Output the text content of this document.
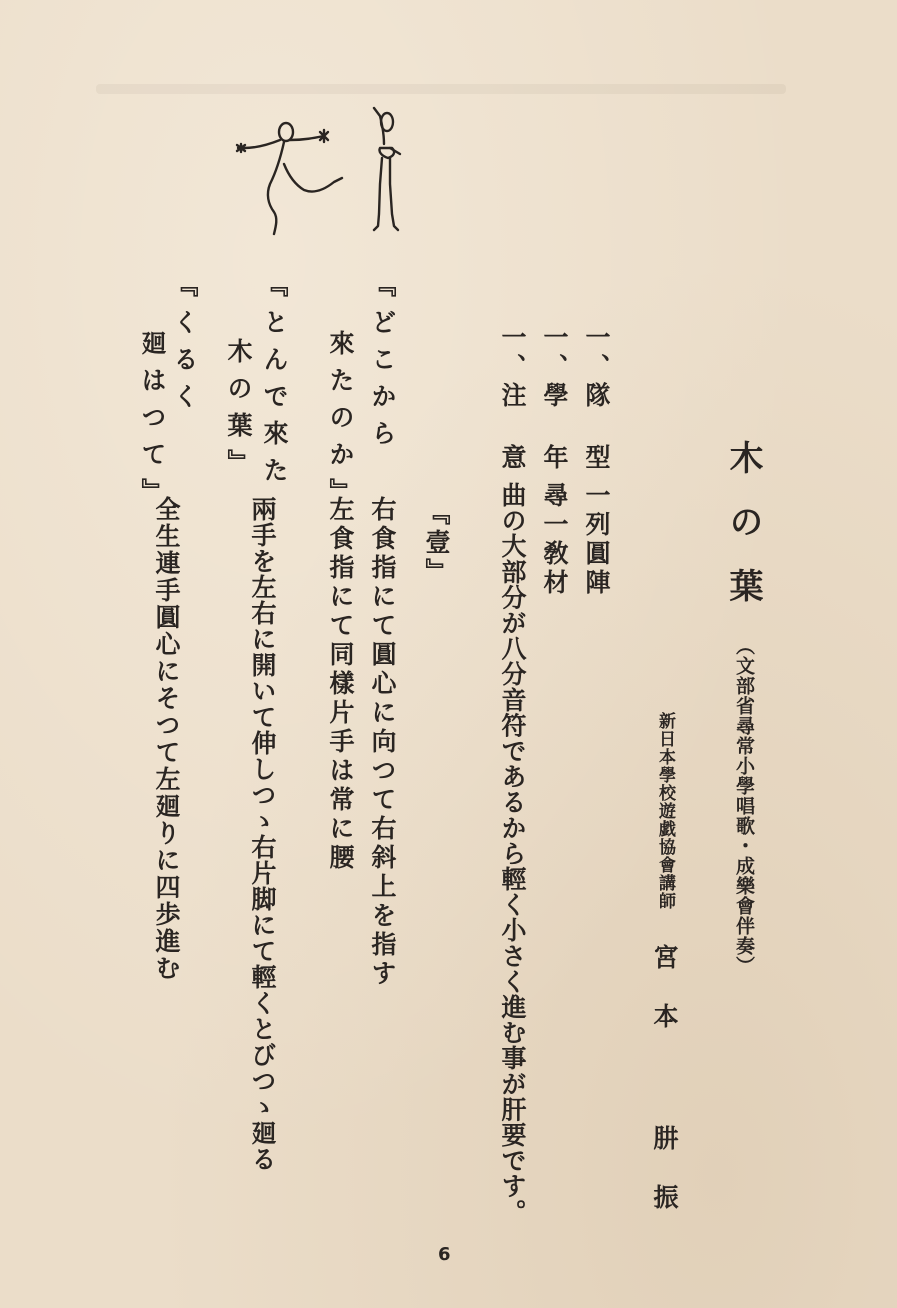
木の葉
（文部省尋常小學唱歌・成樂會伴奏）
新日本學校遊戯協會講師
宮本 肼振
一、隊 型
一列圓陣
一、學 年
尋一敎材
一、注 意
曲の大部分が八分音符であるから輕く小さく進む事が肝要です。
『壹』
『どこから
來たのか』
右食指にて圓心に向つて右斜上を指す
左食指にて同樣片手は常に腰
『とんで來た
木の葉』
兩手を左右に開いて伸しつゝ右片脚にて輕くとびつゝ廻る
『くるく
廻はつて』
全生連手圓心にそつて左廻りに四歩進む
6
